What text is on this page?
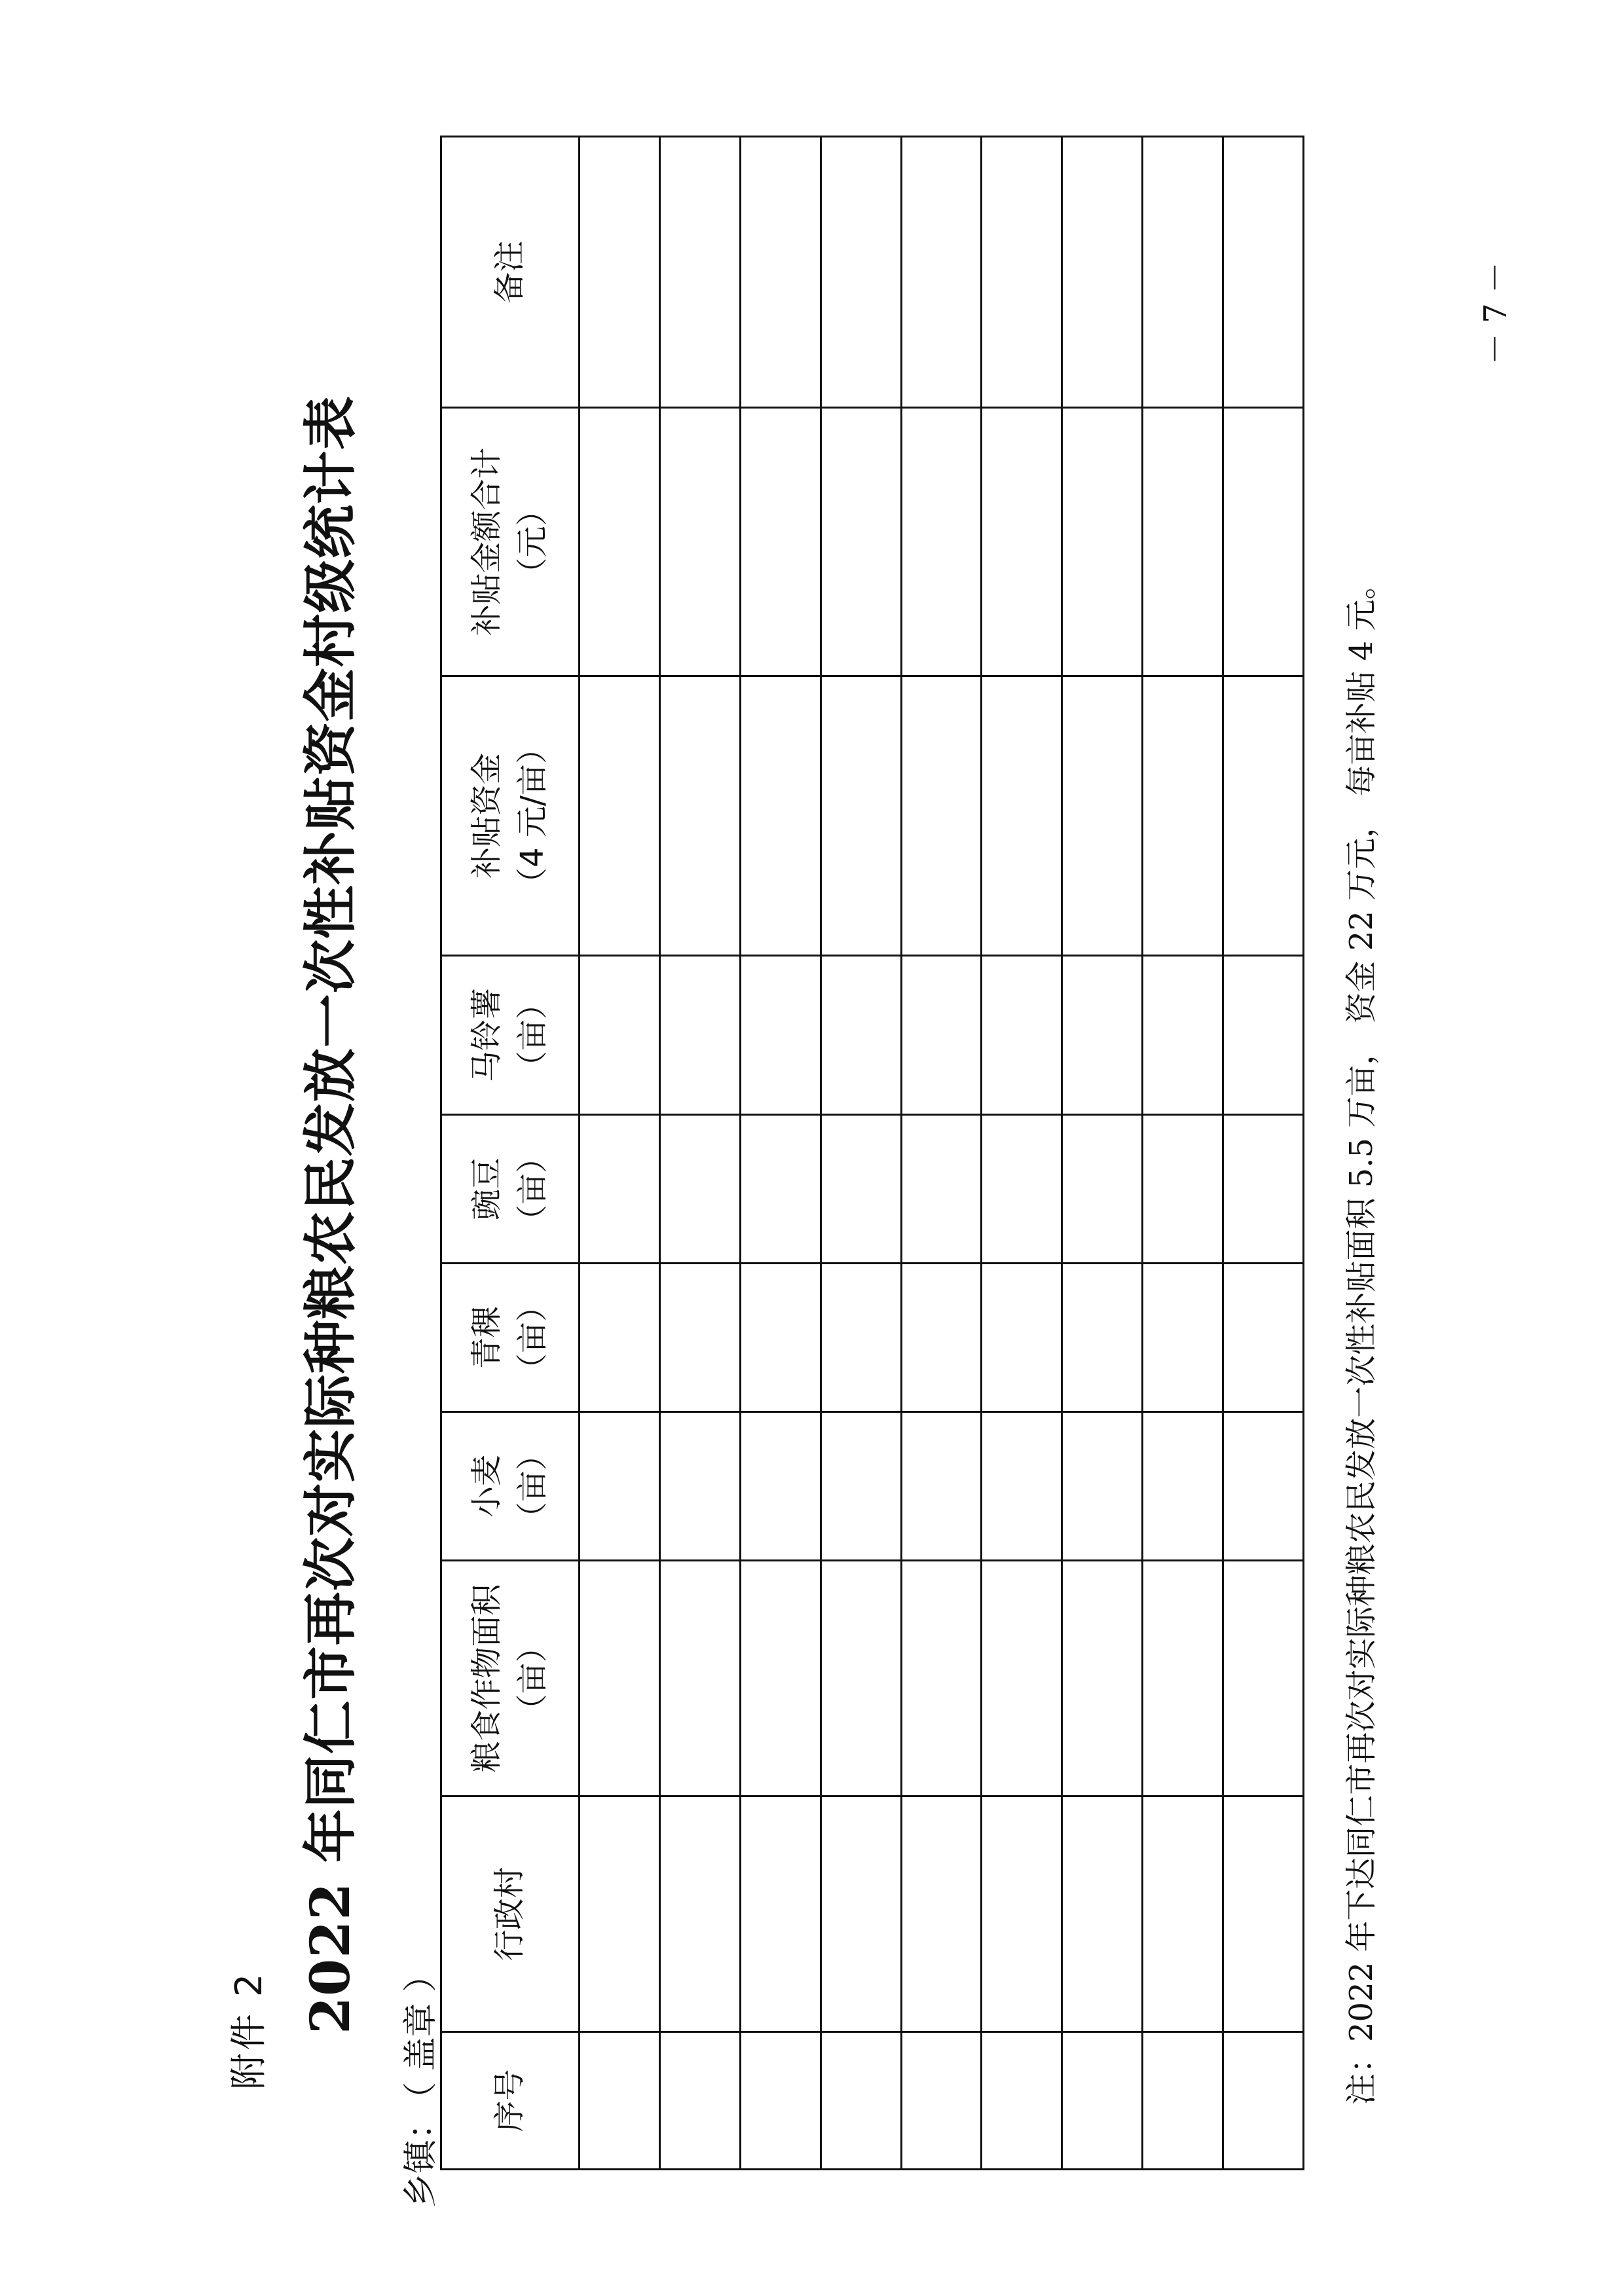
附件 2 2022 年同仁市再次对实际种粮农民发放一次性补贴资金村级统计表
乡镇：（ 盖章 ）
序号	行政村	粮食作物面积 （亩）	小麦 （亩）	青稞 （亩）	豌豆 （亩）	马铃薯 （亩）	补贴资金 （4 元/亩）	补贴金额合计 （元）	备注

注：2022 年下达同仁市再次对实际种粮农民发放一次性补贴面积 5.5 万亩， 资金 22 万元， 每亩补贴 4 元。
－ 7 －
